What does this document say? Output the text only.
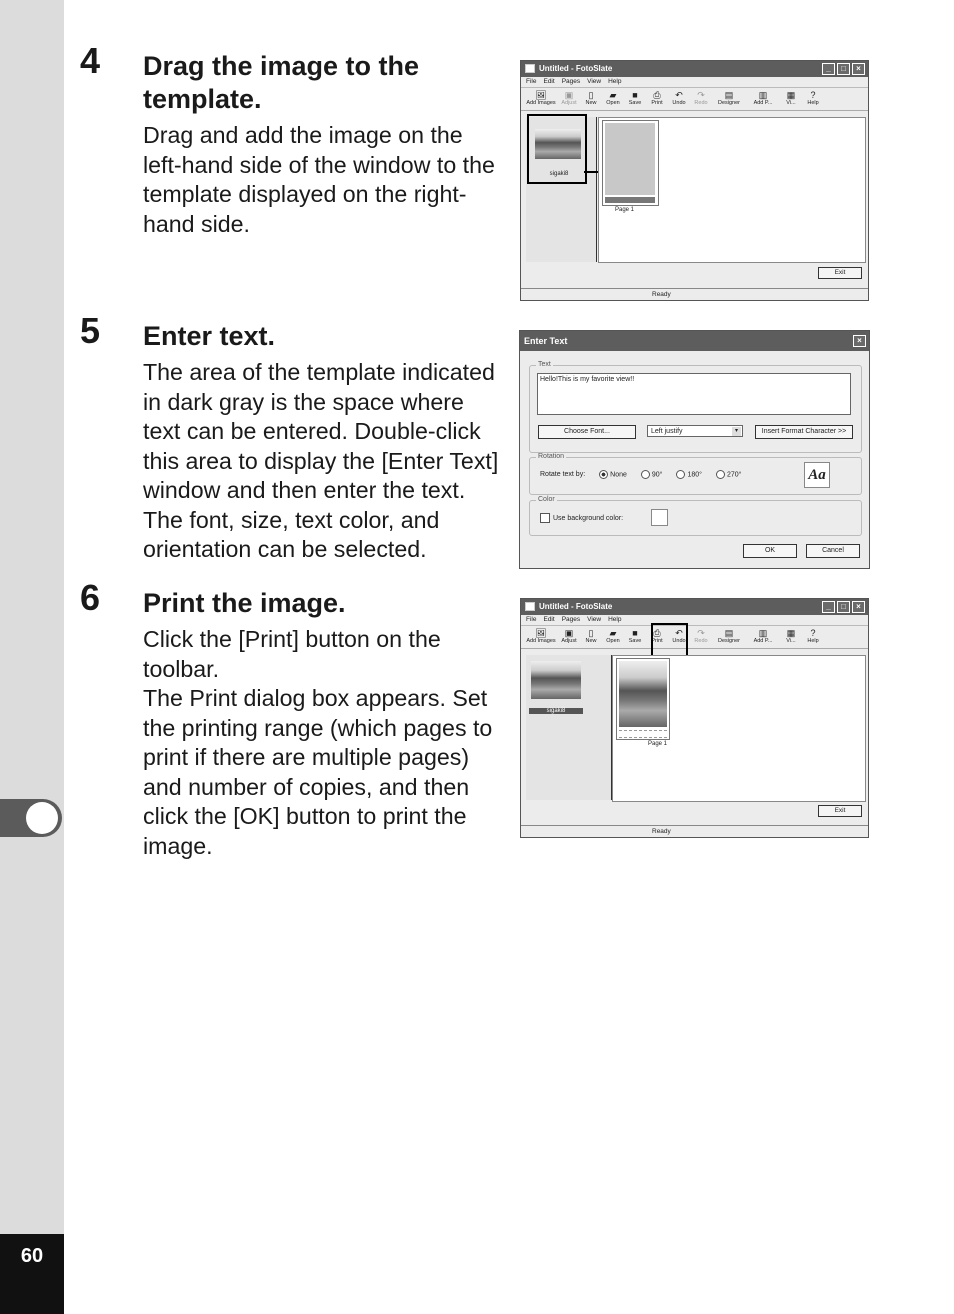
60
4 Drag the image to the template.

Drag and add the image on the left-hand side of the window to the template displayed on the right-hand side.

5 Enter text.

The area of the template indicated in dark gray is the space where text can be entered. Double-click this area to display the [Enter Text] window and then enter the text. The font, size, text color, and orientation can be selected.

6 Print the image.

Click the [Print] button on the toolbar.

The Print dialog box appears. Set the printing range (which pages to print if there are multiple pages) and number of copies, and then click the [OK] button to print the image.

Untitled - FotoSlate	_	□	×
File Edit Pages View Help
🖼
Add Images
▣
Adjust
▯
New
▰
Open
■
Save
⎙
Print
↶
Undo
↷
Redo
▤
Designer
▥
Add P...
▦
Vi...
?
Help
sigaki8
Page 1
Exit
Ready
Enter Text	×
Text
Hello!This is my favorite view!!
Choose Font...	Left justify	▾	Insert Format Character >>
Rotation
Rotate text by:	None	90°	180°	270°	Aa
Color
Use background color:
OK	Cancel
Untitled - FotoSlate	_	□	×
File Edit Pages View Help
🖼
Add Images
▣
Adjust
▯
New
▰
Open
■
Save
⎙
Print
↶
Undo
↷
Redo
▤
Designer
▥
Add P...
▦
Vi...
?
Help
sigaki8
Page 1
Exit
Ready
